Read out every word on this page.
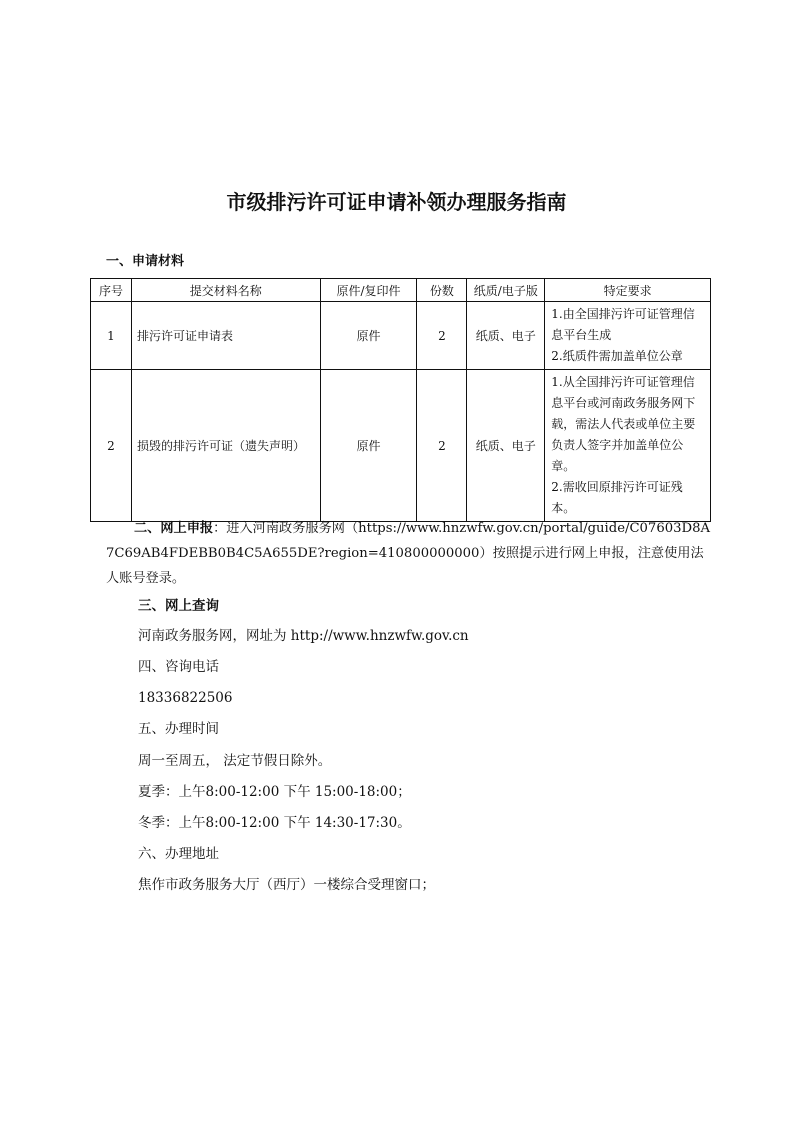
市级排污许可证申请补领办理服务指南
一、申请材料
序号	提交材料名称	原件/复印件	份数	纸质/电子版	特定要求
1	排污许可证申请表	原件	2	纸质、电子	1.由全国排污许可证管理信息平台生成
2.纸质件需加盖单位公章

2	损毁的排污许可证（遗失声明）	原件	2	纸质、电子	1.从全国排污许可证管理信息平台或河南政务服务网下载，需法人代表或单位主要负责人签字并加盖单位公章。
2.需收回原排污许可证残本。
二、网上申报：进入河南政务服务网（https://www.hnzwfw.gov.cn/portal/guide/C07603D8A7C69AB4FDEBB0B4C5A655DE?region=410800000000）按照提示进行网上申报，注意使用法人账号登录。
三、网上查询
河南政务服务网，网址为 http://www.hnzwfw.gov.cn
四、咨询电话
18336822506
五、办理时间
周一至周五， 法定节假日除外。
夏季：上午8:00-12:00 下午 15:00-18:00；
冬季：上午8:00-12:00 下午 14:30-17:30。
六、办理地址
焦作市政务服务大厅（西厅）一楼综合受理窗口；
